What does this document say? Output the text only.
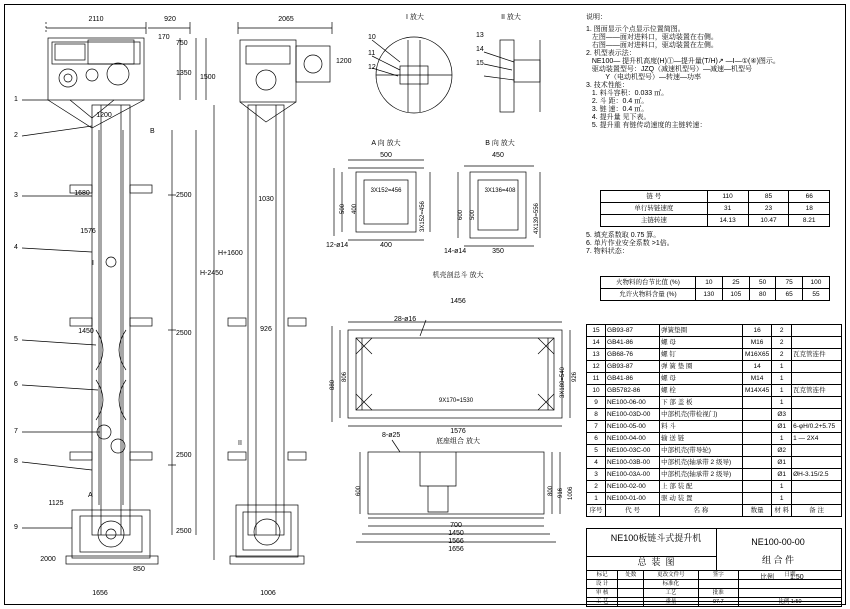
2110	920
1200
1680
1576
1450
1125
1656
2000
850
170
750
1350
1500
2500
2500
2500
2500
H-2450
H+1600
1
2
3
4
5
6
7
8
9
B
I
A
II
2065
1200
1030
926
1006
I 放大
10
11
12
II 放大
13
14
15
A 向 放大
500
400
500 400	3X152=456
3X152=456
12-ø14
B 向 放大
450
350
600 500
3X136=408
4X139=556
14-ø14
机壳剖总斗 放大
1456
1576
880
806	926
3X180=540
9X170=1530
28-ø16
底座组合 放大
700
1450
1566
1656
600	800 916 1006
8-ø25
说明：
1. 图面显示个点显示位置简图。
左图——面对进料口，驱动装置在右侧。
右图——面对进料口，驱动装置在左侧。
2. 机型表示法：
NE100— 提升机高度(H)①—提升量(T/H)↗ —Ⅰ—①(④)图示。
驱动装置型号：JZQ（减速机型号）—减速—机型号
Y（电动机型号）—转速—功率
3. 技术性能：
1. 料斗容积：0.033 ㎥。
2. 斗 距：0.4 ㎡。
3. 链 速：0.4 ㎡。
4. 提升量 见下表。
5. 提升重 有链传动速度的主链转速：
链 号	110	85	66
单行转链速度	31	23	18
主链转速	14.13	10.47	8.21
5. 填充系数取 0.75 算。
6. 单片作业安全系数 >1倍。
7. 物料状态：
火物料的台节比值 (%)	10	25	50	75	100
允许火物料含量 (%)	130	105	80	65	55
15	GB93-87	弹簧垫圈	16	2	
14	GB41-86	螺 母	M16	2	
13	GB68-76	螺 钉	M16X65	2	瓦克管连件
12	GB93-87	弹 簧 垫 圈	14	1	
11	GB41-86	螺 母	M14	1	
10	GB5782-86	螺 栓	M14X45	1	瓦克管连件
9	NE100-06-00	下 部 盖 板		1	
8	NE100-03D-00	中部机壳(带检视门)		Ø3	
7	NE100-05-00	料 斗		Ø1	6-φH/0.2+5.75
6	NE100-04-00	输 送 链		1	1 — 2X4
5	NE100-03C-00	中部机壳(带导轮)		Ø2	
4	NE100-03B-00	中部机壳(轴承带 2 级导)		Ø1	
3	NE100-03A-00	中部机壳(轴承带 2 级导)		Ø1	ØH-3.15/2.5
2	NE100-02-00	上 部 装 配		1	
1	NE100-01-00	驱 动 装 置		1	
序号	代 号	名 称	数量	材 料	备 注
NE100板链斗式提升机
总  装  图
NE100-00-00
组 合 件
标记	处数	更改文件号	签字	日期
设 计		标准化		
审 核		工艺	批准	
工 艺		重量	97.7	比例 1:50
比例 1:50
